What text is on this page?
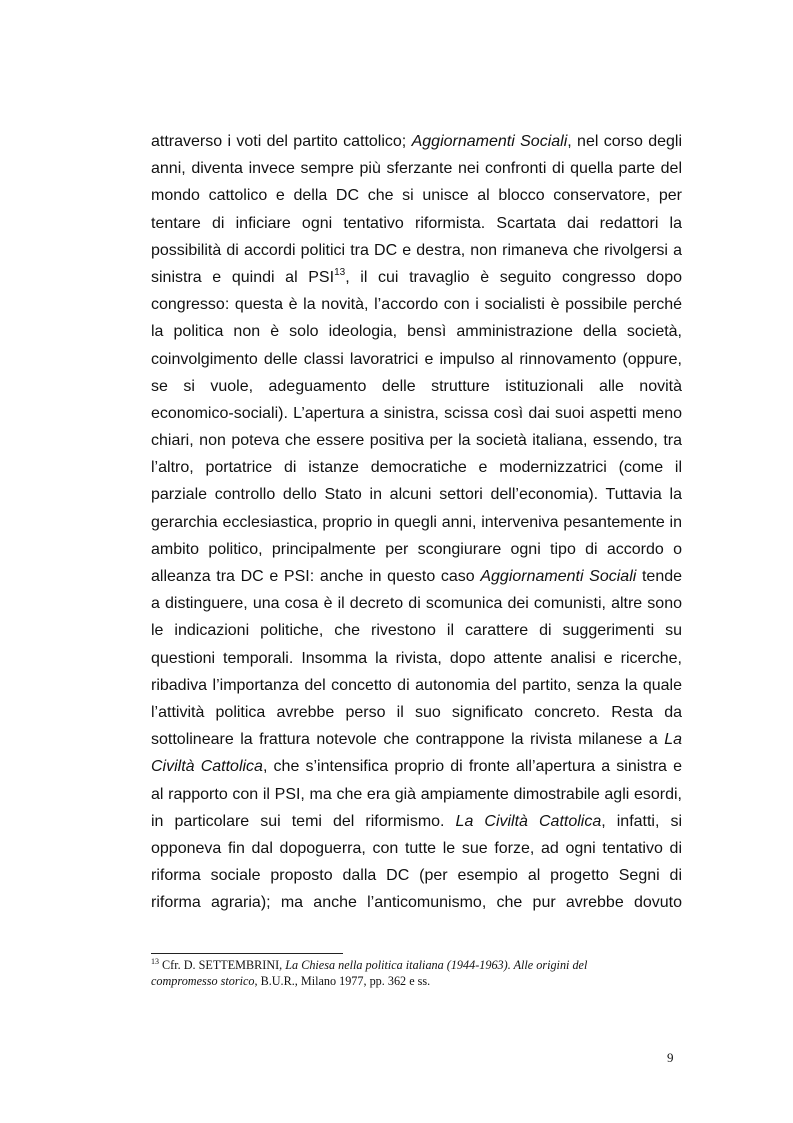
attraverso i voti del partito cattolico; Aggiornamenti Sociali, nel corso degli
anni, diventa invece sempre più sferzante nei confronti di quella parte del
mondo cattolico e della DC che si unisce al blocco conservatore, per
tentare di inficiare ogni tentativo riformista. Scartata dai redattori la
possibilità di accordi politici tra DC e destra, non rimaneva che rivolgersi a
sinistra e quindi al PSI$^{13}$, il cui travaglio è seguito congresso dopo
congresso: questa è la novità, l’accordo con i socialisti è possibile perché
la politica non è solo ideologia, bensì amministrazione della società,
coinvolgimento delle classi lavoratrici e impulso al rinnovamento (oppure,
se si vuole, adeguamento delle strutture istituzionali alle novità
economico-sociali). L’apertura a sinistra, scissa così dai suoi aspetti meno
chiari, non poteva che essere positiva per la società italiana, essendo, tra
l’altro, portatrice di istanze democratiche e modernizzatrici (come il
parziale controllo dello Stato in alcuni settori dell’economia). Tuttavia la
gerarchia ecclesiastica, proprio in quegli anni, interveniva pesantemente in
ambito politico, principalmente per scongiurare ogni tipo di accordo o
alleanza tra DC e PSI: anche in questo caso Aggiornamenti Sociali tende
a distinguere, una cosa è il decreto di scomunica dei comunisti, altre sono
le indicazioni politiche, che rivestono il carattere di suggerimenti su
questioni temporali. Insomma la rivista, dopo attente analisi e ricerche,
ribadiva l’importanza del concetto di autonomia del partito, senza la quale
l’attività politica avrebbe perso il suo significato concreto. Resta da
sottolineare la frattura notevole che contrappone la rivista milanese a La
Civiltà Cattolica, che s’intensifica proprio di fronte all’apertura a sinistra e
al rapporto con il PSI, ma che era già ampiamente dimostrabile agli esordi,
in particolare sui temi del riformismo. La Civiltà Cattolica, infatti, si
opponeva fin dal dopoguerra, con tutte le sue forze, ad ogni tentativo di
riforma sociale proposto dalla DC (per esempio al progetto Segni di
riforma agraria); ma anche l’anticomunismo, che pur avrebbe dovuto
$^{13}$ Cfr. D. SETTEMBRINI, La Chiesa nella politica italiana (1944-1963). Alle origini del
compromesso storico, B.U.R., Milano 1977, pp. 362 e ss.
9
